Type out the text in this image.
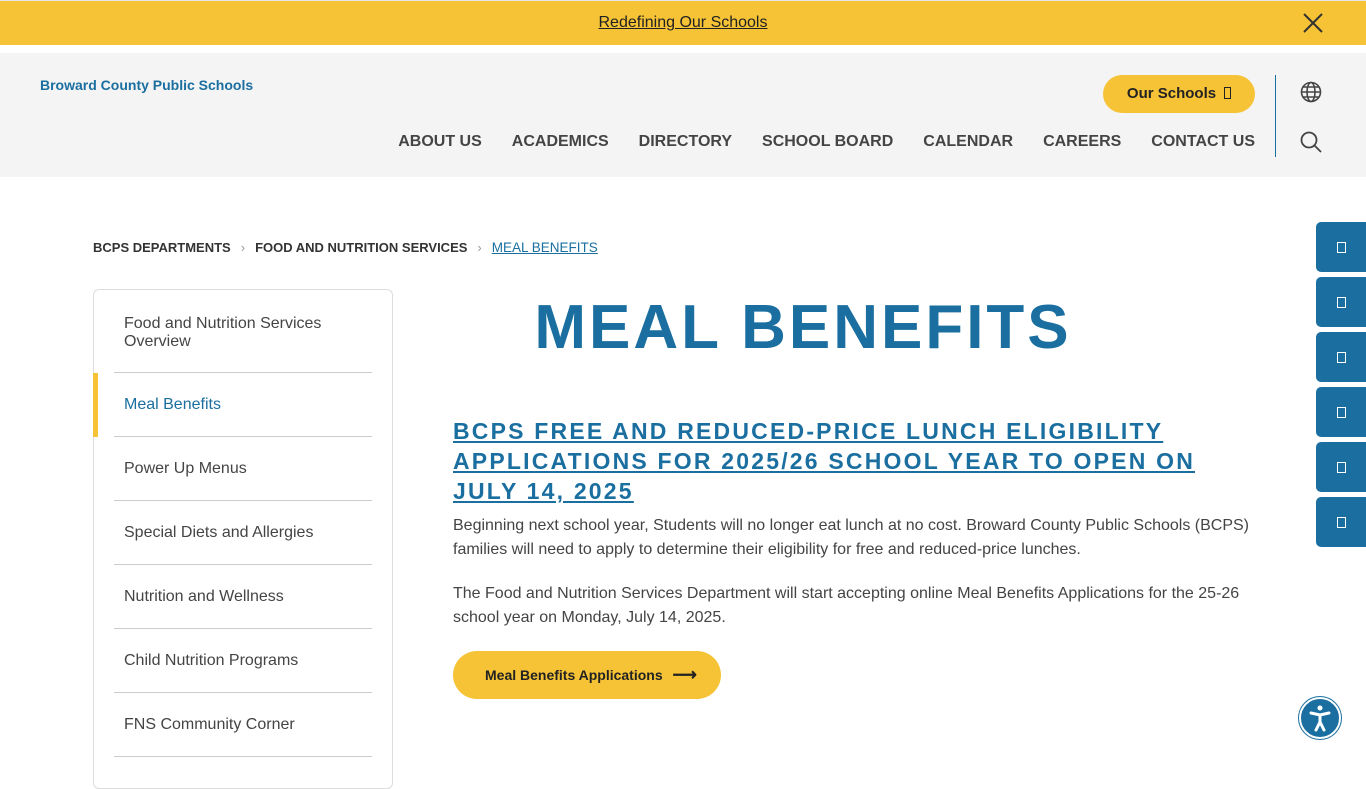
Redefining Our Schools
Broward County Public Schools	Our Schools
ABOUT US ACADEMICS DIRECTORY SCHOOL BOARD CALENDAR CAREERS CONTACT US
BCPS DEPARTMENTS › FOOD AND NUTRITION SERVICES › MEAL BENEFITS
Food and Nutrition Services Overview
Meal Benefits
Power Up Menus
Special Diets and Allergies
Nutrition and Wellness
Child Nutrition Programs
FNS Community Corner
MEAL BENEFITS
BCPS FREE AND REDUCED-PRICE LUNCH ELIGIBILITY APPLICATIONS FOR 2025/26 SCHOOL YEAR TO OPEN ON JULY 14, 2025
Beginning next school year, Students will no longer eat lunch at no cost. Broward County Public Schools (BCPS) families will need to apply to determine their eligibility for free and reduced-price lunches.
The Food and Nutrition Services Department will start accepting online Meal Benefits Applications for the 25-26 school year on Monday, July 14, 2025.
Meal Benefits Applications ⟶
